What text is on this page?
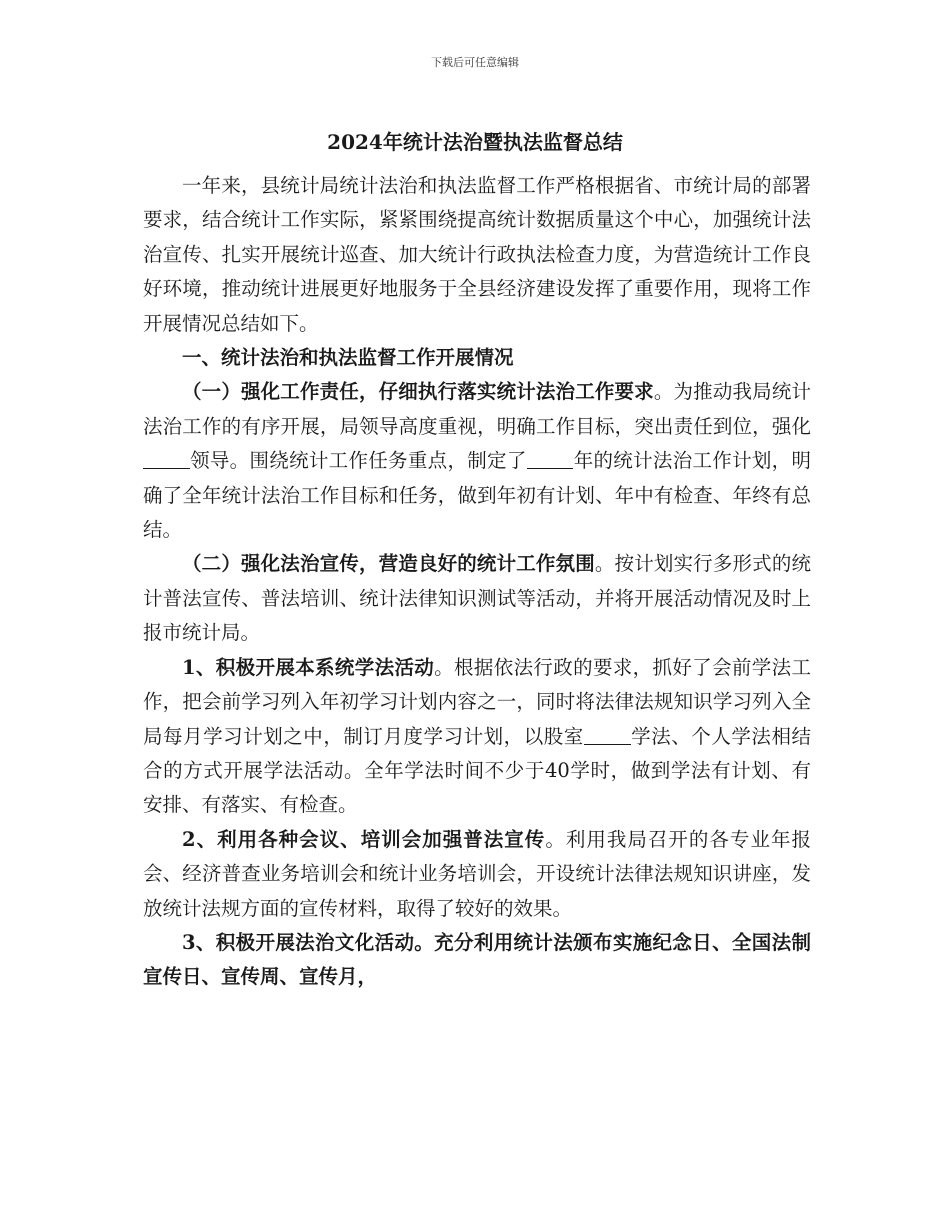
下载后可任意编辑
2024年统计法治暨执法监督总结

一年来，县统计局统计法治和执法监督工作严格根据省、市统计局的部署要求，结合统计工作实际，紧紧围绕提高统计数据质量这个中心，加强统计法治宣传、扎实开展统计巡查、加大统计行政执法检查力度，为营造统计工作良好环境，推动统计进展更好地服务于全县经济建设发挥了重要作用，现将工作开展情况总结如下。

一、统计法治和执法监督工作开展情况

（一）强化工作责任，仔细执行落实统计法治工作要求。为推动我局统计法治工作的有序开展，局领导高度重视，明确工作目标，突出责任到位，强化领导。围绕统计工作任务重点，制定了 年的统计法治工作计划，明确了全年统计法治工作目标和任务，做到年初有计划、年中有检查、年终有总结。

（二）强化法治宣传，营造良好的统计工作氛围。按计划实行多形式的统计普法宣传、普法培训、统计法律知识测试等活动，并将开展活动情况及时上报市统计局。

1、积极开展本系统学法活动。根据依法行政的要求，抓好了会前学法工作，把会前学习列入年初学习计划内容之一，同时将法律法规知识学习列入全局每月学习计划之中，制订月度学习计划，以股室 学法、个人学法相结合的方式开展学法活动。全年学法时间不少于40学时，做到学法有计划、有安排、有落实、有检查。

2、利用各种会议、培训会加强普法宣传。利用我局召开的各专业年报会、经济普查业务培训会和统计业务培训会，开设统计法律法规知识讲座，发放统计法规方面的宣传材料，取得了较好的效果。

3、积极开展法治文化活动。充分利用统计法颁布实施纪念日、全国法制宣传日、宣传周、宣传月，
